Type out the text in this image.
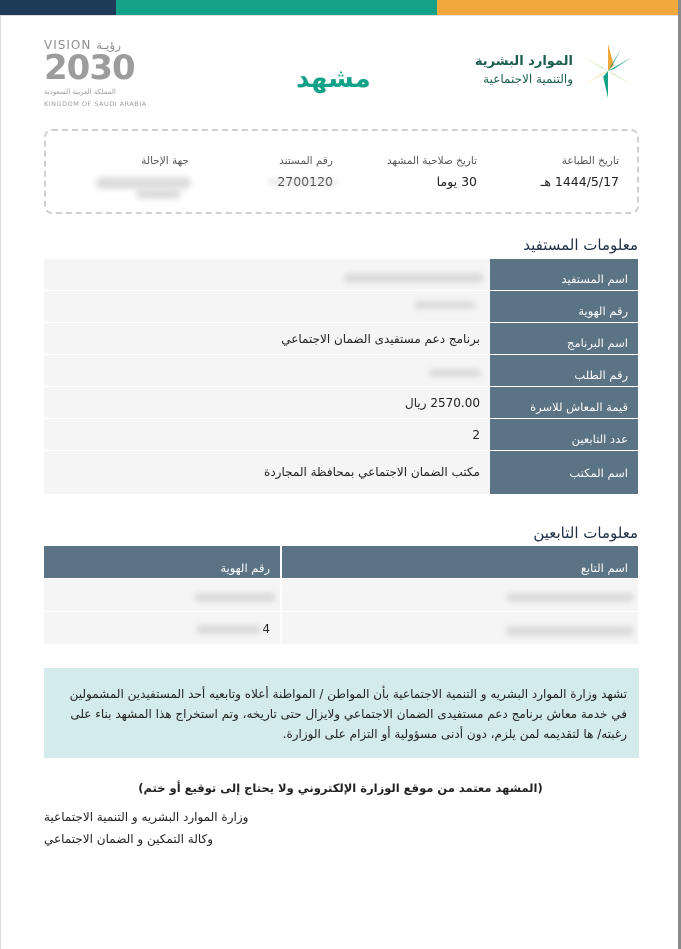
الموارد البشرية
والتنمية الاجتماعية
مشهد
VISION رؤيـة
2030
المملكة العربية السعودية
KINGDOM OF SAUDI ARABIA
تاريخ الطباعة
1444/5/17 هـ
تاريخ صلاحية المشهد
30 يوما
رقم المستند
جهة الإحالة
معلومات المستفيد
اسم المستفيد
رقم الهوية
اسم البرنامج
برنامج دعم مستفيدى الضمان الاجتماعي
رقم الطلب
قيمة المعاش للاسرة
2570.00 ريال
عدد التابعين
2
اسم المكتب
مكتب الضمان الاجتماعي بمحافظة المجاردة
معلومات التابعين
اسم التابع
رقم الهوية
4
تشهد وزارة الموارد البشريه و التنمية الاجتماعية بأن المواطن / المواطنة أعلاه وتابعيه أحد المستفيدين المشمولين في خدمة معاش برنامج دعم مستفيدى الضمان الاجتماعي ولايزال حتى تاريخه، وتم استخراج هذا المشهد بناء على رغبته/ ها لتقديمه لمن يلزم، دون أدنى مسؤولية أو التزام على الوزارة.
(المشهد معتمد من موقع الوزارة الإلكتروني ولا يحتاج إلى توقيع أو ختم)
وزارة الموارد البشريه و التنمية الاجتماعية
وكالة التمكين و الضمان الاجتماعي
